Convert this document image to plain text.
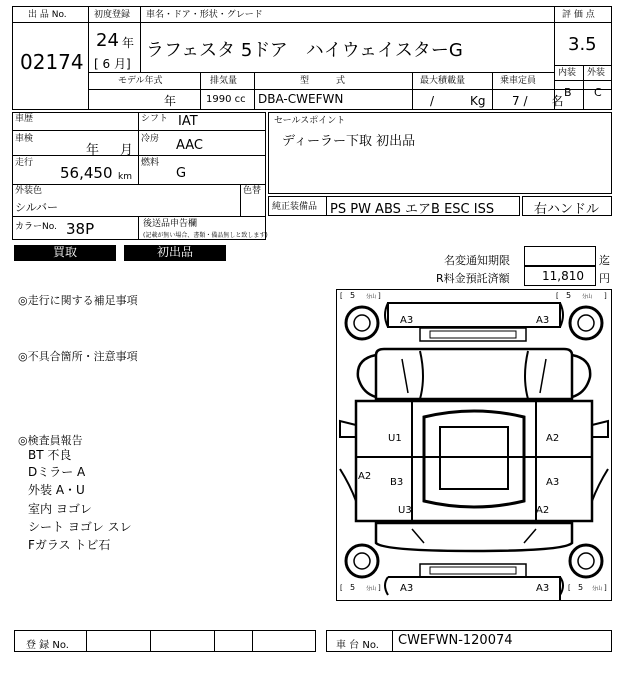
出 品 No.
02174
初度登録
24 年
[ 6 月]
車名・ドア・形状・グレード
ラフェスタ 5ドア　ハイウェイスターG
モデル年式
年
排気量
1990 cc
型　　　式
DBA-CWEFWN
最大積載量
/　　　Kg
乗車定員
7 /　　名
評 価 点
3.5
内装 外装
B C
車歴	シフト IAT
車検
年 月
冷房 AAC
走行
56,450 km
燃料
G
外装色
シルバー
色替
カラーNo. 38P	後送品申告欄
(記載が無い場合、書類・備品無しと致します)
セールスポイント
ディーラー下取 初出品
純正装備品 PS PW ABS エアB ESC ISS	右ハンドル
買取	初出品
名変通知期限	迄
R料金預託済額	11,810 円
◎走行に関する補足事項
◎不具合箇所・注意事項
◎検査員報告
BT 不良
Dミラー A
外装 A・U
室内 ヨゴレ
シート ヨゴレ スレ
Fガラス トビ石
[ 5 分山 ]	[ 5 分山 ]
[ 5 分山 ]	[ 5 分山 ]
A3	A3
U1	A2
A2
B3	A3
U3	A2
A3	A3
登 録 No.	車 台 No. CWEFWN-120074
